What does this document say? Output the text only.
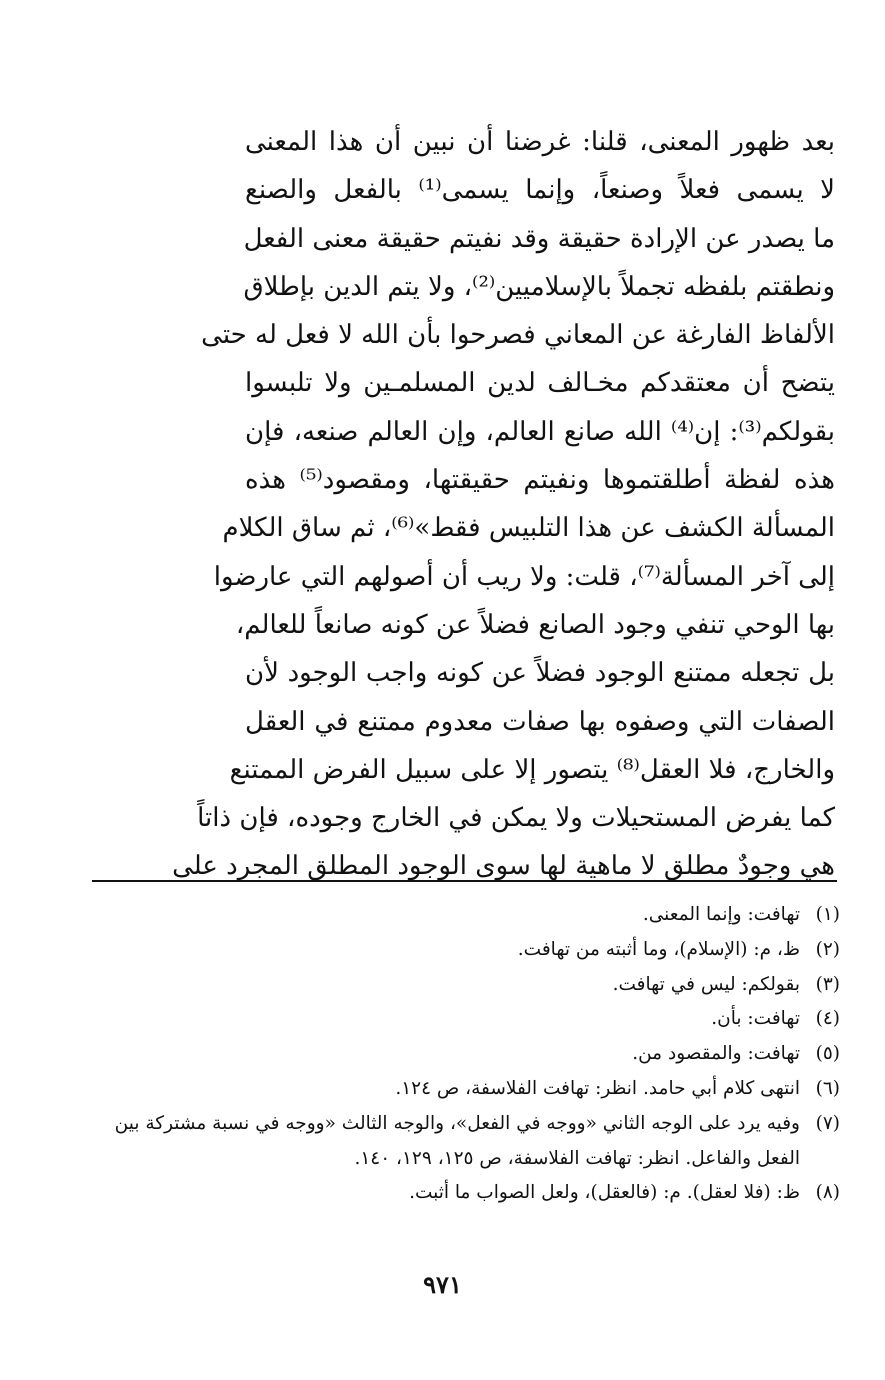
بعد ظهور المعنى، قلنا: غرضنا أن نبين أن هذا المعنى
لا يسمى فعلاً وصنعاً، وإنما يسمى⁽¹⁾ بالفعل والصنع
ما يصدر عن الإرادة حقيقة وقد نفيتم حقيقة معنى الفعل
ونطقتم بلفظه تجملاً بالإسلاميين⁽²⁾، ولا يتم الدين بإطلاق
الألفاظ الفارغة عن المعاني فصرحوا بأن الله لا فعل له حتى
يتضح أن معتقدكم مخـالف لدين المسلمـين ولا تلبسوا
بقولكم⁽³⁾: إن⁽⁴⁾ الله صانع العالم، وإن العالم صنعه، فإن
هذه لفظة أطلقتموها ونفيتم حقيقتها، ومقصود⁽⁵⁾ هذه
المسألة الكشف عن هذا التلبيس فقط»⁽⁶⁾، ثم ساق الكلام
إلى آخر المسألة⁽⁷⁾، قلت: ولا ريب أن أصولهم التي عارضوا
بها الوحي تنفي وجود الصانع فضلاً عن كونه صانعاً للعالم،
بل تجعله ممتنع الوجود فضلاً عن كونه واجب الوجود لأن
الصفات التي وصفوه بها صفات معدوم ممتنع في العقل
والخارج، فلا العقل⁽⁸⁾ يتصور إلا على سبيل الفرض الممتنع
كما يفرض المستحيلات ولا يمكن في الخارج وجوده، فإن ذاتاً
هي وجودٌ مطلق لا ماهية لها سوى الوجود المطلق المجرد على
(١)
تهافت: وإنما المعنى.
(٢)
ظ، م: (الإسلام)، وما أثبته من تهافت.
(٣)
بقولكم: ليس في تهافت.
(٤)
تهافت: بأن.
(٥)
تهافت: والمقصود من.
(٦)
انتهى كلام أبي حامد. انظر: تهافت الفلاسفة، ص ١٢٤.
(٧)
وفيه يرد على الوجه الثاني «ووجه في الفعل»، والوجه الثالث «ووجه في نسبة مشتركة بين الفعل والفاعل. انظر: تهافت الفلاسفة، ص ١٢٥، ١٢٩، ١٤٠.
(٨)
ظ: (فلا لعقل). م: (فالعقل)، ولعل الصواب ما أثبت.
٩٧١
